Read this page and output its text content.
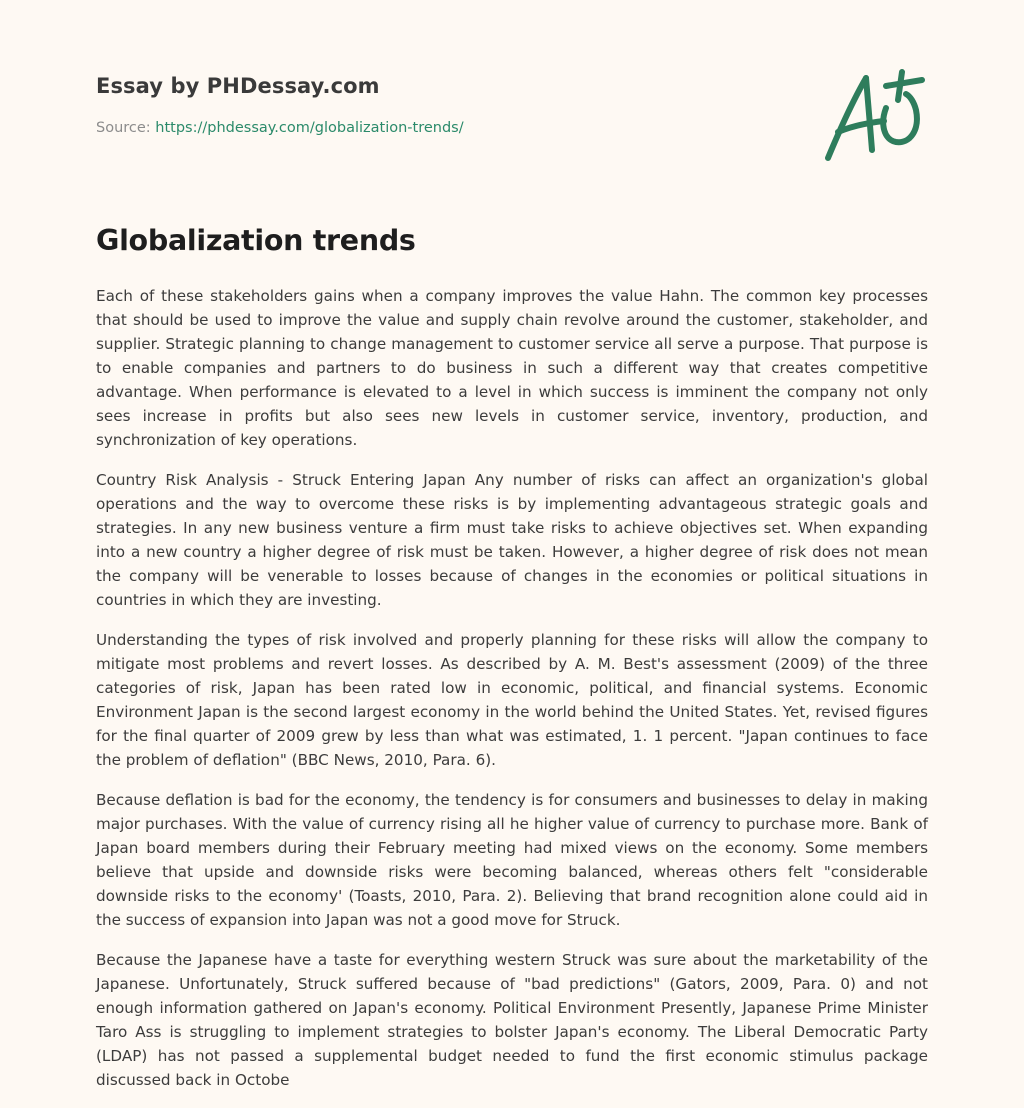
Essay by PHDessay.com
Source: https://phdessay.com/globalization-trends/
Globalization trends

Each of these stakeholders gains when a company improves the value Hahn. The common key processes that should be used to improve the value and supply chain revolve around the customer, stakeholder, and supplier. Strategic planning to change management to customer service all serve a purpose. That purpose is to enable companies and partners to do business in such a different way that creates competitive advantage. When performance is elevated to a level in which success is imminent the company not only sees increase in profits but also sees new levels in customer service, inventory, production, and synchronization of key operations.

Country Risk Analysis - Struck Entering Japan Any number of risks can affect an organization's global operations and the way to overcome these risks is by implementing advantageous strategic goals and strategies. In any new business venture a firm must take risks to achieve objectives set. When expanding into a new country a higher degree of risk must be taken. However, a higher degree of risk does not mean the company will be venerable to losses because of changes in the economies or political situations in countries in which they are investing.

Understanding the types of risk involved and properly planning for these risks will allow the company to mitigate most problems and revert losses. As described by A. M. Best's assessment (2009) of the three categories of risk, Japan has been rated low in economic, political, and financial systems. Economic Environment Japan is the second largest economy in the world behind the United States. Yet, revised figures for the final quarter of 2009 grew by less than what was estimated, 1. 1 percent. "Japan continues to face the problem of deflation" (BBC News, 2010, Para. 6).

Because deflation is bad for the economy, the tendency is for consumers and businesses to delay in making major purchases. With the value of currency rising all he higher value of currency to purchase more. Bank of Japan board members during their February meeting had mixed views on the economy. Some members believe that upside and downside risks were becoming balanced, whereas others felt "considerable downside risks to the economy' (Toasts, 2010, Para. 2). Believing that brand recognition alone could aid in the success of expansion into Japan was not a good move for Struck.

Because the Japanese have a taste for everything western Struck was sure about the marketability of the Japanese. Unfortunately, Struck suffered because of "bad predictions" (Gators, 2009, Para. 0) and not enough information gathered on Japan's economy. Political Environment Presently, Japanese Prime Minister Taro Ass is struggling to implement strategies to bolster Japan's economy. The Liberal Democratic Party (LDAP) has not passed a supplemental budget needed to fund the first economic stimulus package discussed back in Octobe
